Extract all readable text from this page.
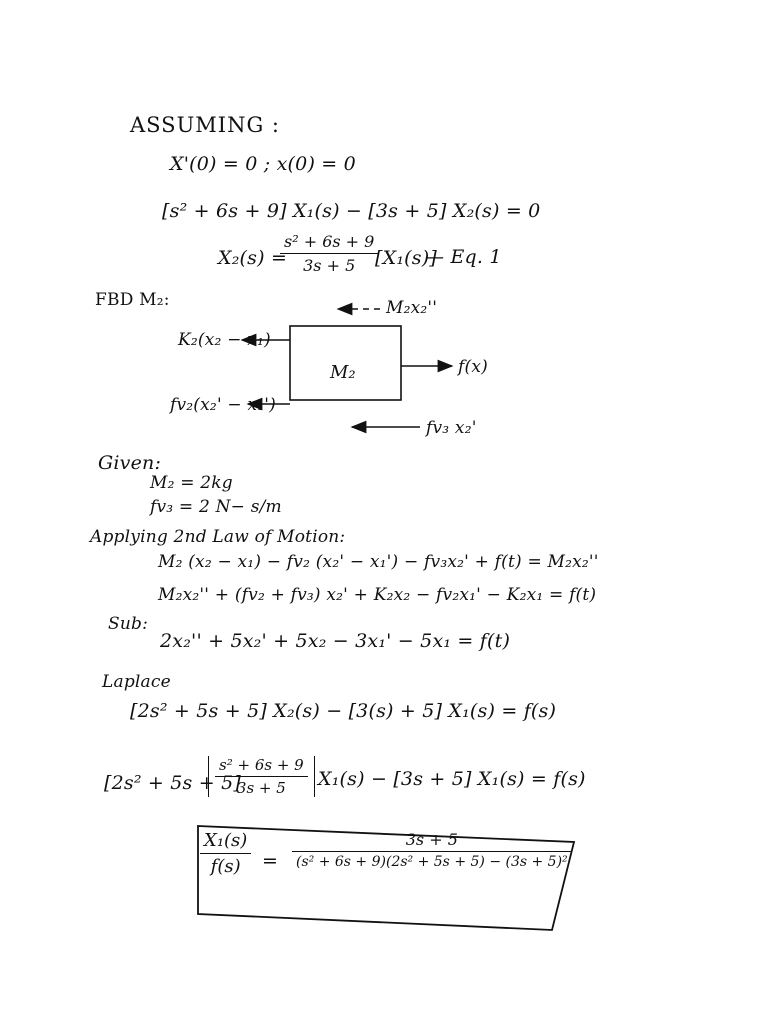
ASSUMING :
X'(0) = 0 ; x(0) = 0
[s² + 6s + 9] X₁(s) − [3s + 5] X₂(s) = 0
X₂(s) =
s² + 6s + 9
3s + 5	[X₁(s)]
— Eq. 1
FBD M₂:
M₂
K₂(x₂ − x₁)
fv₂(x₂' − x₁')
M₂x₂''
f(x)
fv₃ x₂'
Given:
M₂ = 2kg
fv₃ = 2 N− s/m
Applying 2nd Law of Motion:
M₂ (x₂ − x₁) − fv₂ (x₂' − x₁') − fv₃x₂' + f(t) = M₂x₂''
M₂x₂'' + (fv₂ + fv₃) x₂' + K₂x₂ − fv₂x₁' − K₂x₁ = f(t)
Sub:
2x₂'' + 5x₂' + 5x₂ − 3x₁' − 5x₁ = f(t)
Laplace
[2s² + 5s + 5] X₂(s) − [3(s) + 5] X₁(s) = f(s)
[2s² + 5s + 5]
s² + 6s + 9
3s + 5	X₁(s) − [3s + 5] X₁(s) = f(s)
X₁(s)
f(s)	=
3s + 5
(s² + 6s + 9)(2s² + 5s + 5) − (3s + 5)²
